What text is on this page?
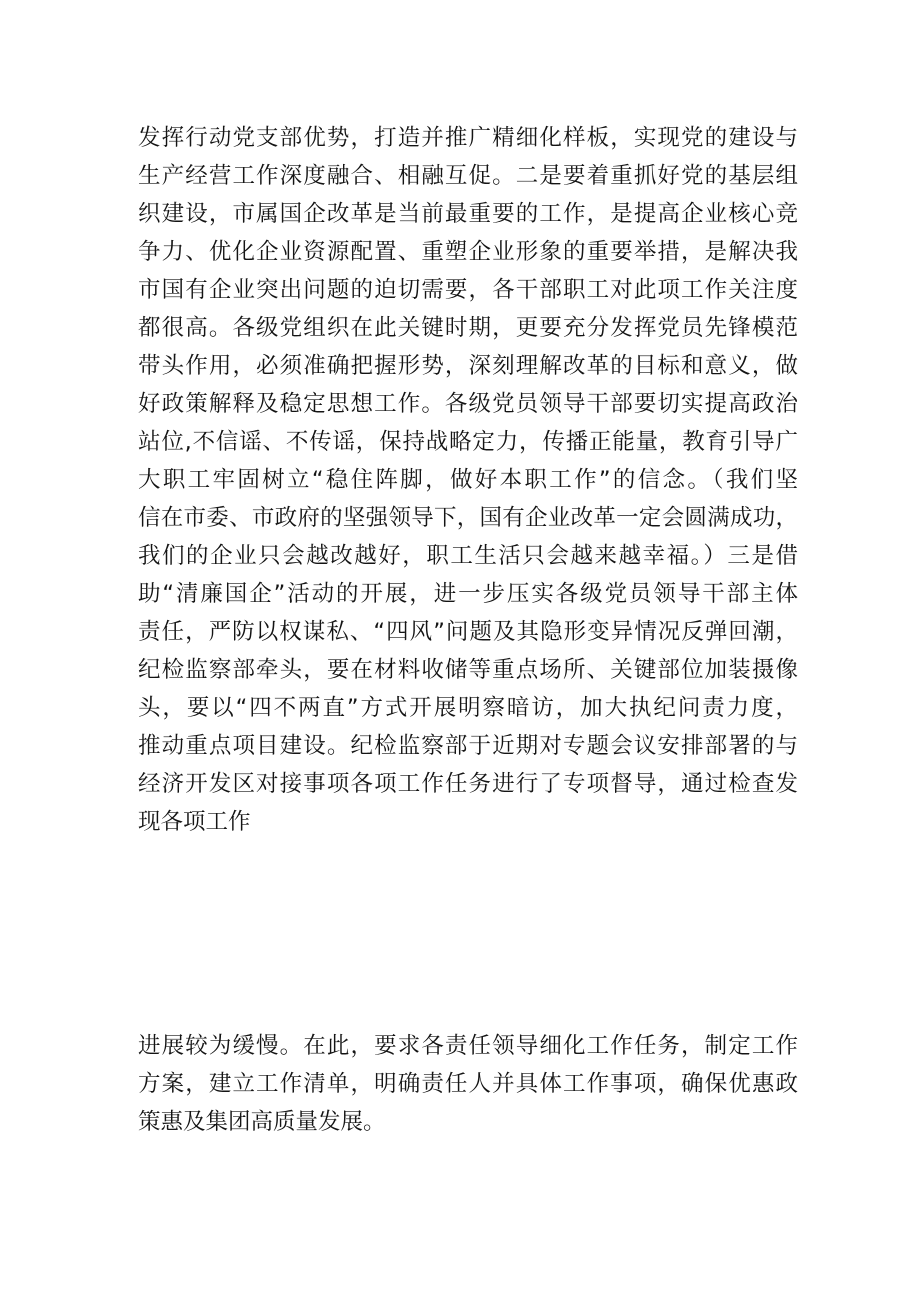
发挥行动党支部优势，打造并推广精细化样板，实现党的建设与
生产经营工作深度融合、相融互促。二是要着重抓好党的基层组
织建设，市属国企改革是当前最重要的工作，是提高企业核心竞
争力、优化企业资源配置、重塑企业形象的重要举措，是解决我
市国有企业突出问题的迫切需要，各干部职工对此项工作关注度
都很高。各级党组织在此关键时期，更要充分发挥党员先锋模范
带头作用，必须准确把握形势，深刻理解改革的目标和意义，做
好政策解释及稳定思想工作。各级党员领导干部要切实提高政治
站位,不信谣、不传谣，保持战略定力，传播正能量，教育引导广
大职工牢固树立“稳住阵脚，做好本职工作”的信念。（我们坚
信在市委、市政府的坚强领导下，国有企业改革一定会圆满成功，
我们的企业只会越改越好，职工生活只会越来越幸福。）三是借
助“清廉国企”活动的开展，进一步压实各级党员领导干部主体
责任，严防以权谋私、“四风”问题及其隐形变异情况反弹回潮，
纪检监察部牵头，要在材料收储等重点场所、关键部位加装摄像
头，要以“四不两直”方式开展明察暗访，加大执纪问责力度，
推动重点项目建设。纪检监察部于近期对专题会议安排部署的与
经济开发区对接事项各项工作任务进行了专项督导，通过检查发
现各项工作
进展较为缓慢。在此，要求各责任领导细化工作任务，制定工作
方案，建立工作清单，明确责任人并具体工作事项，确保优惠政
策惠及集团高质量发展。
